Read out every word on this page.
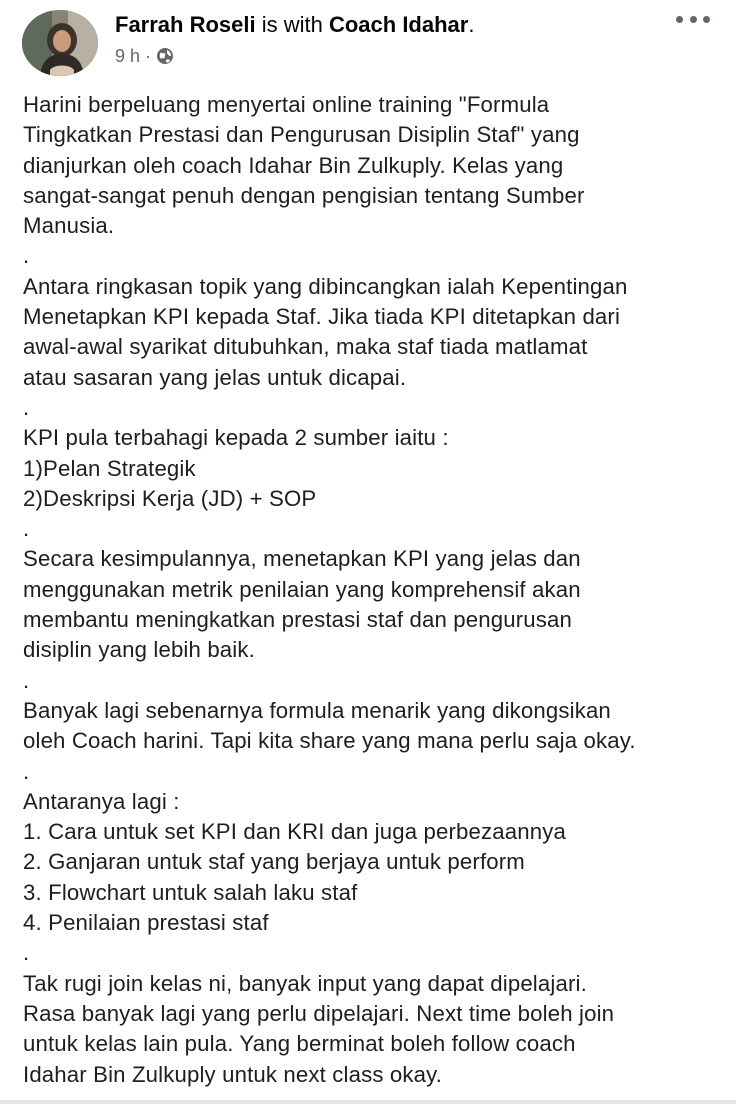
Farrah Roseli is with Coach Idahar.
9 h ·

Harini berpeluang menyertai online training "Formula

Tingkatkan Prestasi dan Pengurusan Disiplin Staf" yang

dianjurkan oleh coach Idahar Bin Zulkuply. Kelas yang

sangat-sangat penuh dengan pengisian tentang Sumber

Manusia.

.

Antara ringkasan topik yang dibincangkan ialah Kepentingan

Menetapkan KPI kepada Staf. Jika tiada KPI ditetapkan dari

awal-awal syarikat ditubuhkan, maka staf tiada matlamat

atau sasaran yang jelas untuk dicapai.

.

KPI pula terbahagi kepada 2 sumber iaitu :

1)Pelan Strategik

2)Deskripsi Kerja (JD) + SOP

.

Secara kesimpulannya, menetapkan KPI yang jelas dan

menggunakan metrik penilaian yang komprehensif akan

membantu meningkatkan prestasi staf dan pengurusan

disiplin yang lebih baik.

.

Banyak lagi sebenarnya formula menarik yang dikongsikan

oleh Coach harini. Tapi kita share yang mana perlu saja okay.

.

Antaranya lagi :

1. Cara untuk set KPI dan KRI dan juga perbezaannya

2. Ganjaran untuk staf yang berjaya untuk perform

3. Flowchart untuk salah laku staf

4. Penilaian prestasi staf

.

Tak rugi join kelas ni, banyak input yang dapat dipelajari.

Rasa banyak lagi yang perlu dipelajari. Next time boleh join

untuk kelas lain pula. Yang berminat boleh follow coach

Idahar Bin Zulkuply untuk next class okay.
